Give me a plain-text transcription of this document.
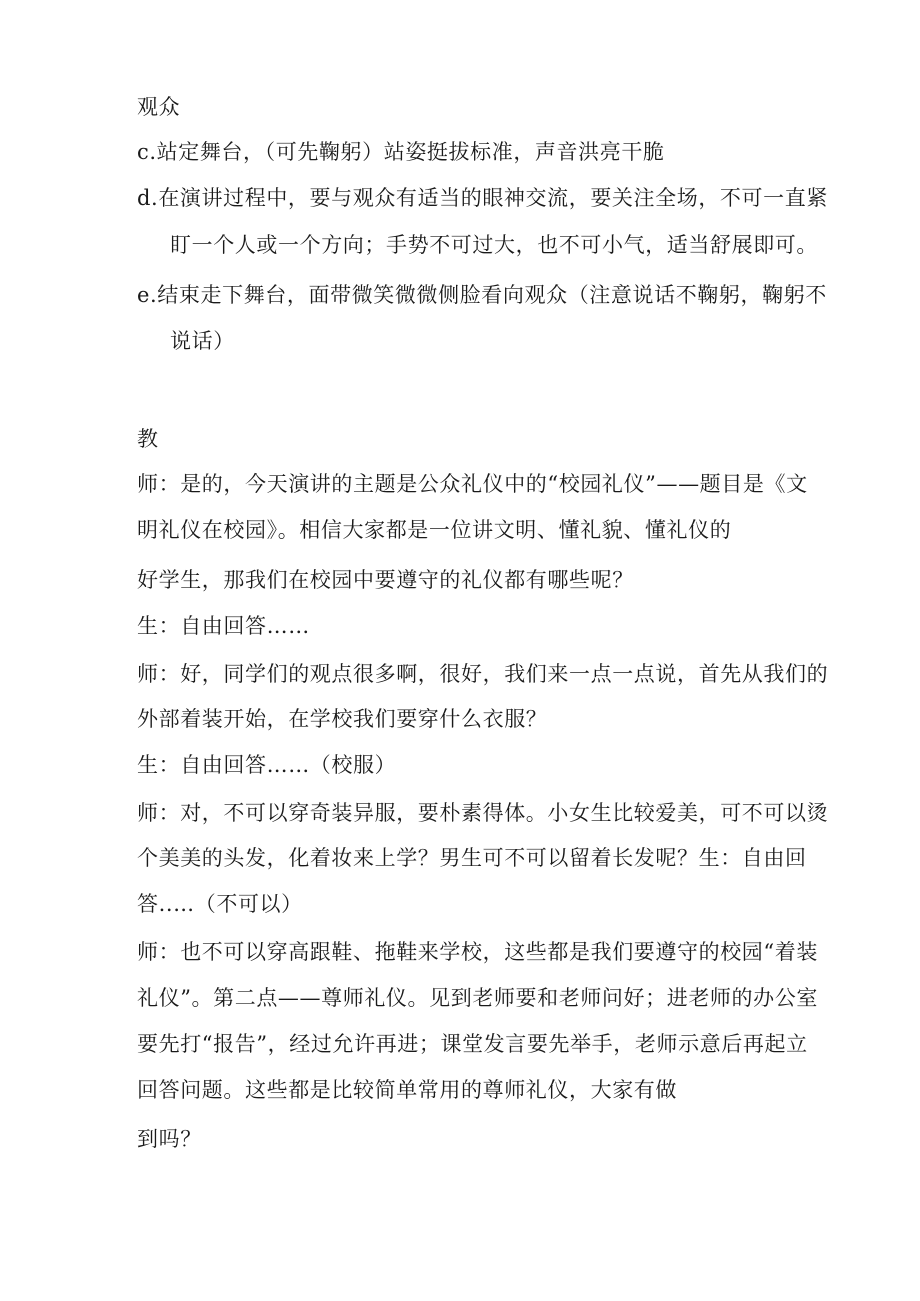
观众
c.站定舞台，（可先鞠躬）站姿挺拔标准，声音洪亮干脆
d.在演讲过程中，要与观众有适当的眼神交流，要关注全场，不可一直紧
盯一个人或一个方向；手势不可过大，也不可小气，适当舒展即可。
e.结束走下舞台，面带微笑微微侧脸看向观众（注意说话不鞠躬，鞠躬不
说话）
教
师：是的，今天演讲的主题是公众礼仪中的“校园礼仪”——题目是《文
明礼仪在校园》。相信大家都是一位讲文明、懂礼貌、懂礼仪的
好学生，那我们在校园中要遵守的礼仪都有哪些呢？
生：自由回答……
师：好，同学们的观点很多啊，很好，我们来一点一点说，首先从我们的
外部着装开始，在学校我们要穿什么衣服？
生：自由回答……（校服）
师：对，不可以穿奇装异服，要朴素得体。小女生比较爱美，可不可以烫
个美美的头发，化着妆来上学？男生可不可以留着长发呢？生：自由回
答..…（不可以）
师：也不可以穿高跟鞋、拖鞋来学校，这些都是我们要遵守的校园“着装
礼仪”。第二点——尊师礼仪。见到老师要和老师问好；进老师的办公室
要先打“报告”，经过允许再进；课堂发言要先举手，老师示意后再起立
回答问题。这些都是比较简单常用的尊师礼仪，大家有做
到吗？
